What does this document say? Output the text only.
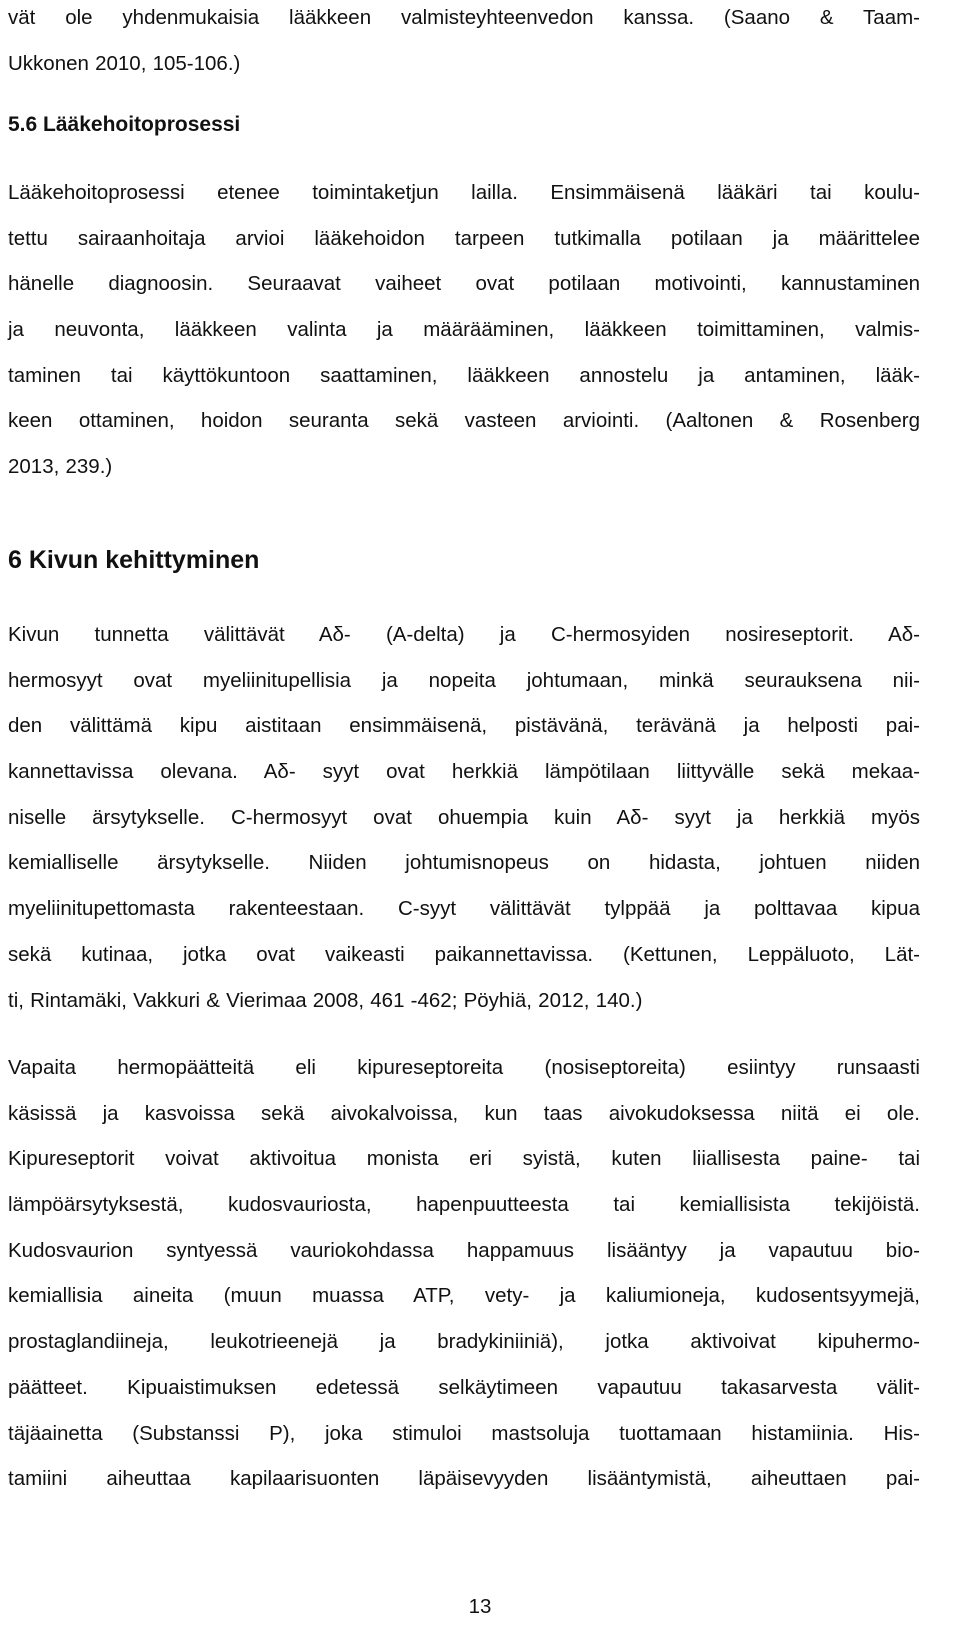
vät ole yhdenmukaisia lääkkeen valmisteyhteenvedon kanssa. (Saano & Taam-
Ukkonen 2010, 105-106.)
5.6 Lääkehoitoprosessi
Lääkehoitoprosessi etenee toimintaketjun lailla. Ensimmäisenä lääkäri tai koulu-
tettu sairaanhoitaja arvioi lääkehoidon tarpeen tutkimalla potilaan ja määrittelee
hänelle diagnoosin. Seuraavat vaiheet ovat potilaan motivointi, kannustaminen
ja neuvonta, lääkkeen valinta ja määrääminen, lääkkeen toimittaminen, valmis-
taminen tai käyttökuntoon saattaminen, lääkkeen annostelu ja antaminen, lääk-
keen ottaminen, hoidon seuranta sekä vasteen arviointi. (Aaltonen & Rosenberg
2013, 239.)
6 Kivun kehittyminen
Kivun tunnetta välittävät Aδ- (A-delta) ja C-hermosyiden nosireseptorit. Aδ-
hermosyyt ovat myeliinitupellisia ja nopeita johtumaan, minkä seurauksena nii-
den välittämä kipu aistitaan ensimmäisenä, pistävänä, terävänä ja helposti pai-
kannettavissa olevana. Aδ- syyt ovat herkkiä lämpötilaan liittyvälle sekä mekaa-
niselle ärsytykselle. C-hermosyyt ovat ohuempia kuin Aδ- syyt ja herkkiä myös
kemialliselle ärsytykselle. Niiden johtumisnopeus on hidasta, johtuen niiden
myeliinitupettomasta rakenteestaan. C-syyt välittävät tylppää ja polttavaa kipua
sekä kutinaa, jotka ovat vaikeasti paikannettavissa. (Kettunen, Leppäluoto, Lät-
ti, Rintamäki, Vakkuri & Vierimaa 2008, 461 -462; Pöyhiä, 2012, 140.)
Vapaita hermopäätteitä eli kipureseptoreita (nosiseptoreita) esiintyy runsaasti
käsissä ja kasvoissa sekä aivokalvoissa, kun taas aivokudoksessa niitä ei ole.
Kipureseptorit voivat aktivoitua monista eri syistä, kuten liiallisesta paine- tai
lämpöärsytyksestä, kudosvauriosta, hapenpuutteesta tai kemiallisista tekijöistä.
Kudosvaurion syntyessä vauriokohdassa happamuus lisääntyy ja vapautuu bio-
kemiallisia aineita (muun muassa ATP, vety- ja kaliumioneja, kudosentsyymejä,
prostaglandiineja, leukotrieenejä ja bradykiniiniä), jotka aktivoivat kipuhermo-
päätteet. Kipuaistimuksen edetessä selkäytimeen vapautuu takasarvesta välit-
täjäainetta (Substanssi P), joka stimuloi mastsoluja tuottamaan histamiinia. His-
tamiini aiheuttaa kapilaarisuonten läpäisevyyden lisääntymistä, aiheuttaen pai-
13
